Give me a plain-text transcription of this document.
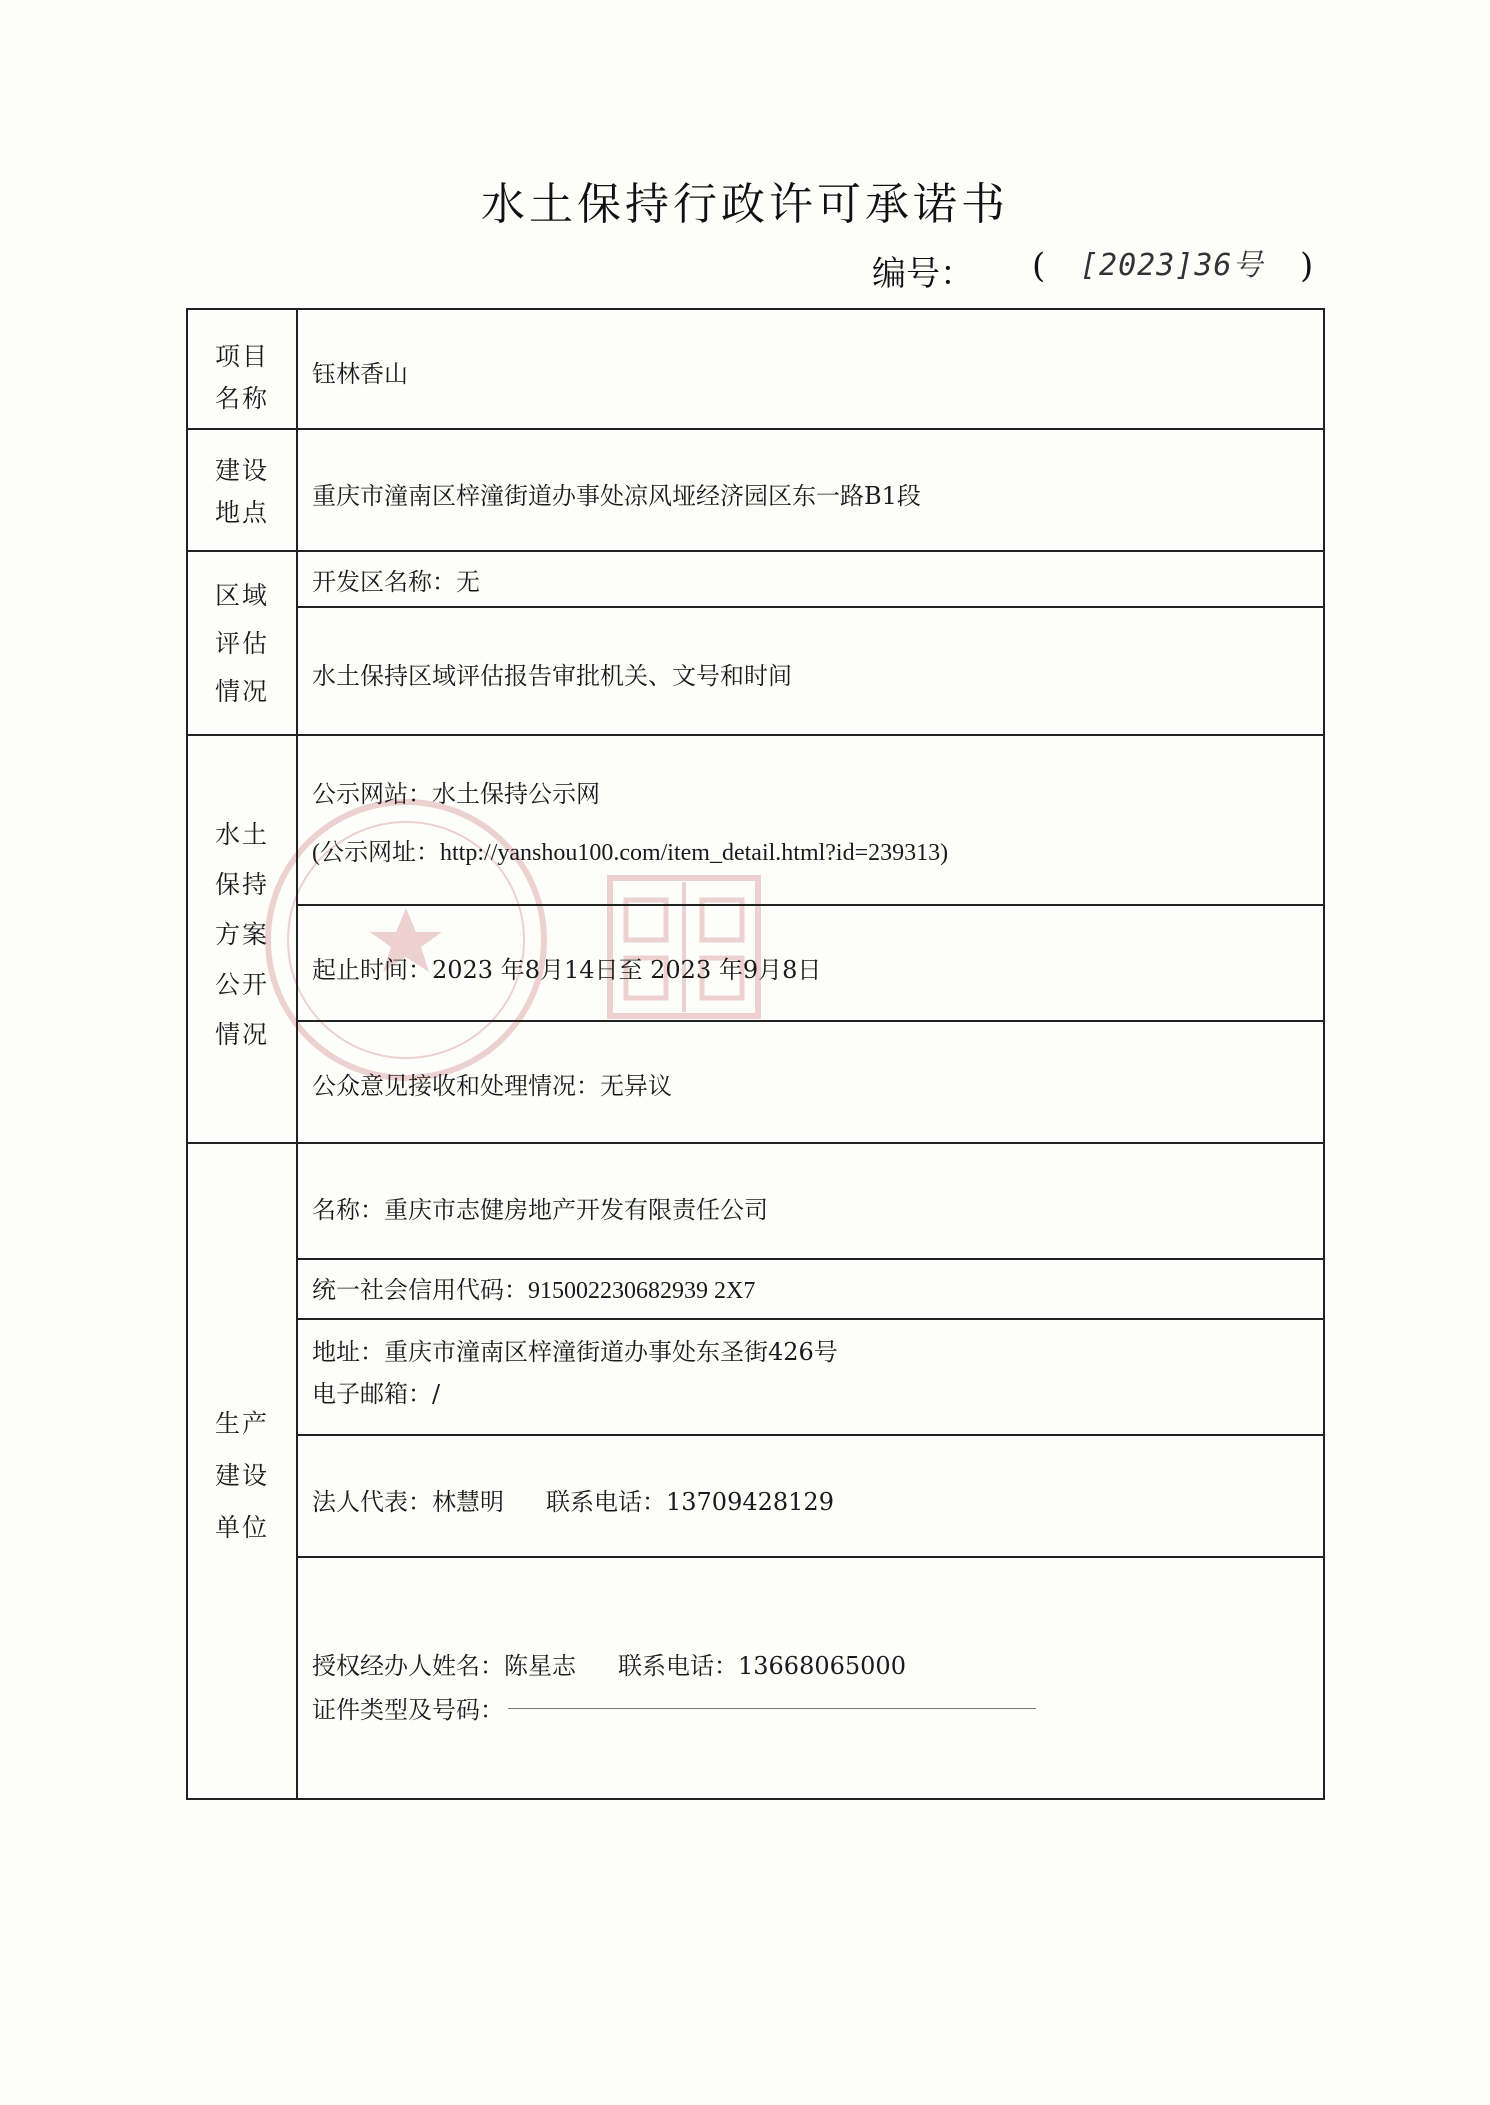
水土保持行政许可承诺书
编号： ( [2023]36号 )
项目
名称
钰林香山
建设
地点
重庆市潼南区梓潼街道办事处凉风垭经济园区东一路B1段
区域
评估
情况
开发区名称：无
水土保持区域评估报告审批机关、文号和时间
水土
保持
方案
公开
情况
公示网站：水土保持公示网
(公示网址：http://yanshou100.com/item_detail.html?id=239313)
起止时间：2023 年8月14日至 2023 年9月8日
公众意见接收和处理情况：无异议
生产
建设
单位
名称：重庆市志健房地产开发有限责任公司
统一社会信用代码：915002230682939 2X7
地址：重庆市潼南区梓潼街道办事处东圣街426号
电子邮箱：/
法人代表：林慧明 联系电话：13709428129
授权经办人姓名：陈星志 联系电话：13668065000
证件类型及号码：
